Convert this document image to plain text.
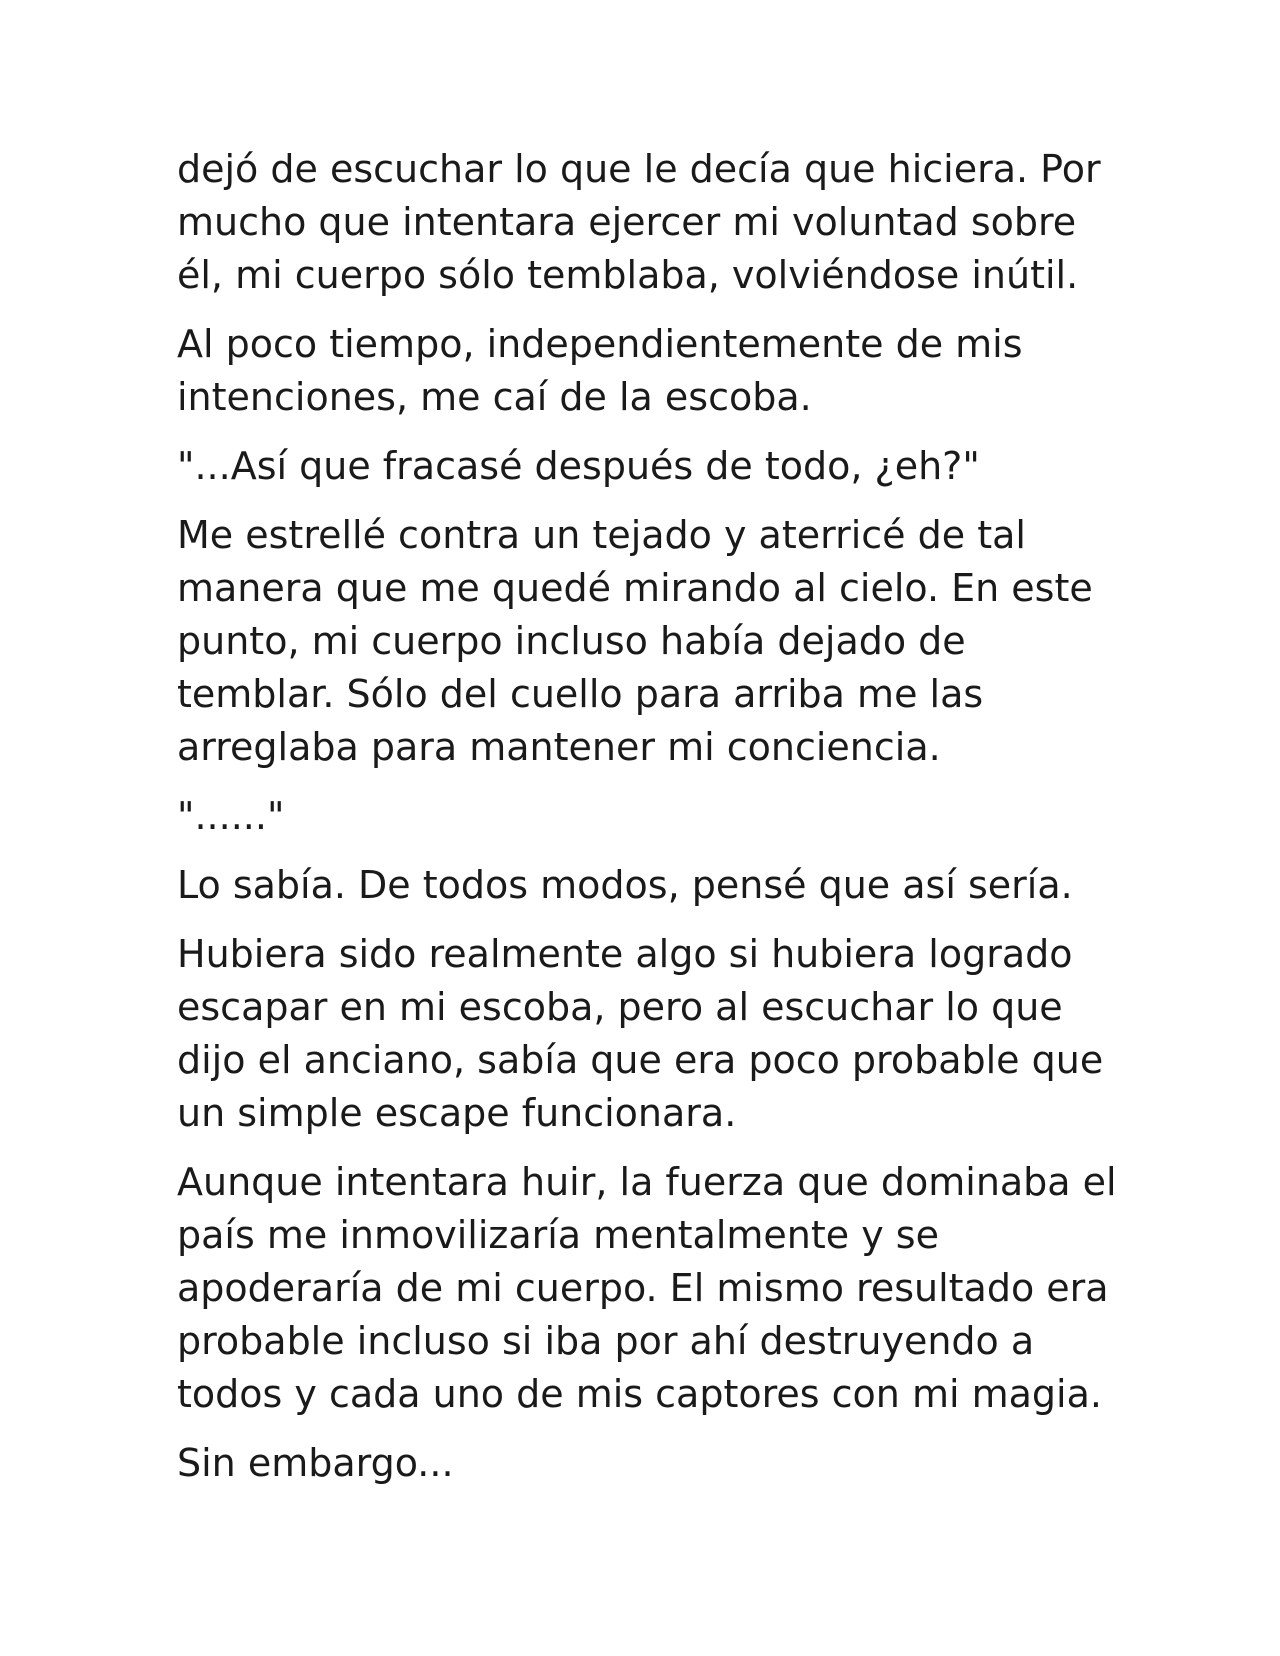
dejó de escuchar lo que le decía que hiciera. Por mucho que intentara ejercer mi voluntad sobre él, mi cuerpo sólo temblaba, volviéndose inútil.

Al poco tiempo, independientemente de mis intenciones, me caí de la escoba.

"...Así que fracasé después de todo, ¿eh?"

Me estrellé contra un tejado y aterricé de tal manera que me quedé mirando al cielo. En este punto, mi cuerpo incluso había dejado de temblar. Sólo del cuello para arriba me las arreglaba para mantener mi conciencia.

"......"

Lo sabía. De todos modos, pensé que así sería.

Hubiera sido realmente algo si hubiera logrado escapar en mi escoba, pero al escuchar lo que dijo el anciano, sabía que era poco probable que un simple escape funcionara.

Aunque intentara huir, la fuerza que dominaba el país me inmovilizaría mentalmente y se apoderaría de mi cuerpo. El mismo resultado era probable incluso si iba por ahí destruyendo a todos y cada uno de mis captores con mi magia.

Sin embargo...
